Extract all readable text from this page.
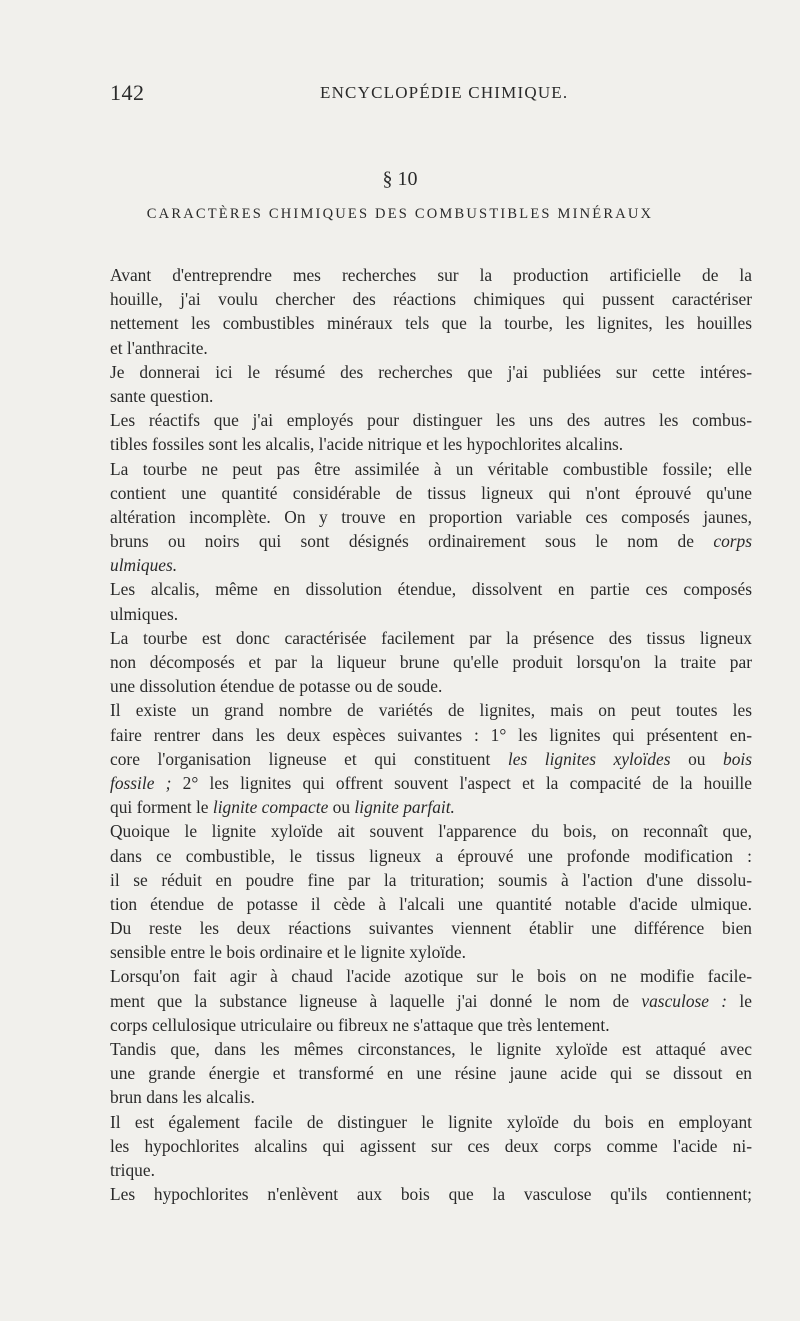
142	ENCYCLOPÉDIE CHIMIQUE.
§ 10
CARACTÈRES CHIMIQUES DES COMBUSTIBLES MINÉRAUX
Avant d'entreprendre mes recherches sur la production artificielle de la
houille, j'ai voulu chercher des réactions chimiques qui pussent caractériser
nettement les combustibles minéraux tels que la tourbe, les lignites, les houilles
et l'anthracite.
Je donnerai ici le résumé des recherches que j'ai publiées sur cette intéres-
sante question.
Les réactifs que j'ai employés pour distinguer les uns des autres les combus-
tibles fossiles sont les alcalis, l'acide nitrique et les hypochlorites alcalins.
La tourbe ne peut pas être assimilée à un véritable combustible fossile; elle
contient une quantité considérable de tissus ligneux qui n'ont éprouvé qu'une
altération incomplète. On y trouve en proportion variable ces composés jaunes,
bruns ou noirs qui sont désignés ordinairement sous le nom de corps
ulmiques.
Les alcalis, même en dissolution étendue, dissolvent en partie ces composés
ulmiques.
La tourbe est donc caractérisée facilement par la présence des tissus ligneux
non décomposés et par la liqueur brune qu'elle produit lorsqu'on la traite par
une dissolution étendue de potasse ou de soude.
Il existe un grand nombre de variétés de lignites, mais on peut toutes les
faire rentrer dans les deux espèces suivantes : 1° les lignites qui présentent en-
core l'organisation ligneuse et qui constituent les lignites xyloïdes ou bois
fossile ; 2° les lignites qui offrent souvent l'aspect et la compacité de la houille
qui forment le lignite compacte ou lignite parfait.
Quoique le lignite xyloïde ait souvent l'apparence du bois, on reconnaît que,
dans ce combustible, le tissus ligneux a éprouvé une profonde modification :
il se réduit en poudre fine par la trituration; soumis à l'action d'une dissolu-
tion étendue de potasse il cède à l'alcali une quantité notable d'acide ulmique.
Du reste les deux réactions suivantes viennent établir une différence bien
sensible entre le bois ordinaire et le lignite xyloïde.
Lorsqu'on fait agir à chaud l'acide azotique sur le bois on ne modifie facile-
ment que la substance ligneuse à laquelle j'ai donné le nom de vasculose : le
corps cellulosique utriculaire ou fibreux ne s'attaque que très lentement.
Tandis que, dans les mêmes circonstances, le lignite xyloïde est attaqué avec
une grande énergie et transformé en une résine jaune acide qui se dissout en
brun dans les alcalis.
Il est également facile de distinguer le lignite xyloïde du bois en employant
les hypochlorites alcalins qui agissent sur ces deux corps comme l'acide ni-
trique.
Les hypochlorites n'enlèvent aux bois que la vasculose qu'ils contiennent;
